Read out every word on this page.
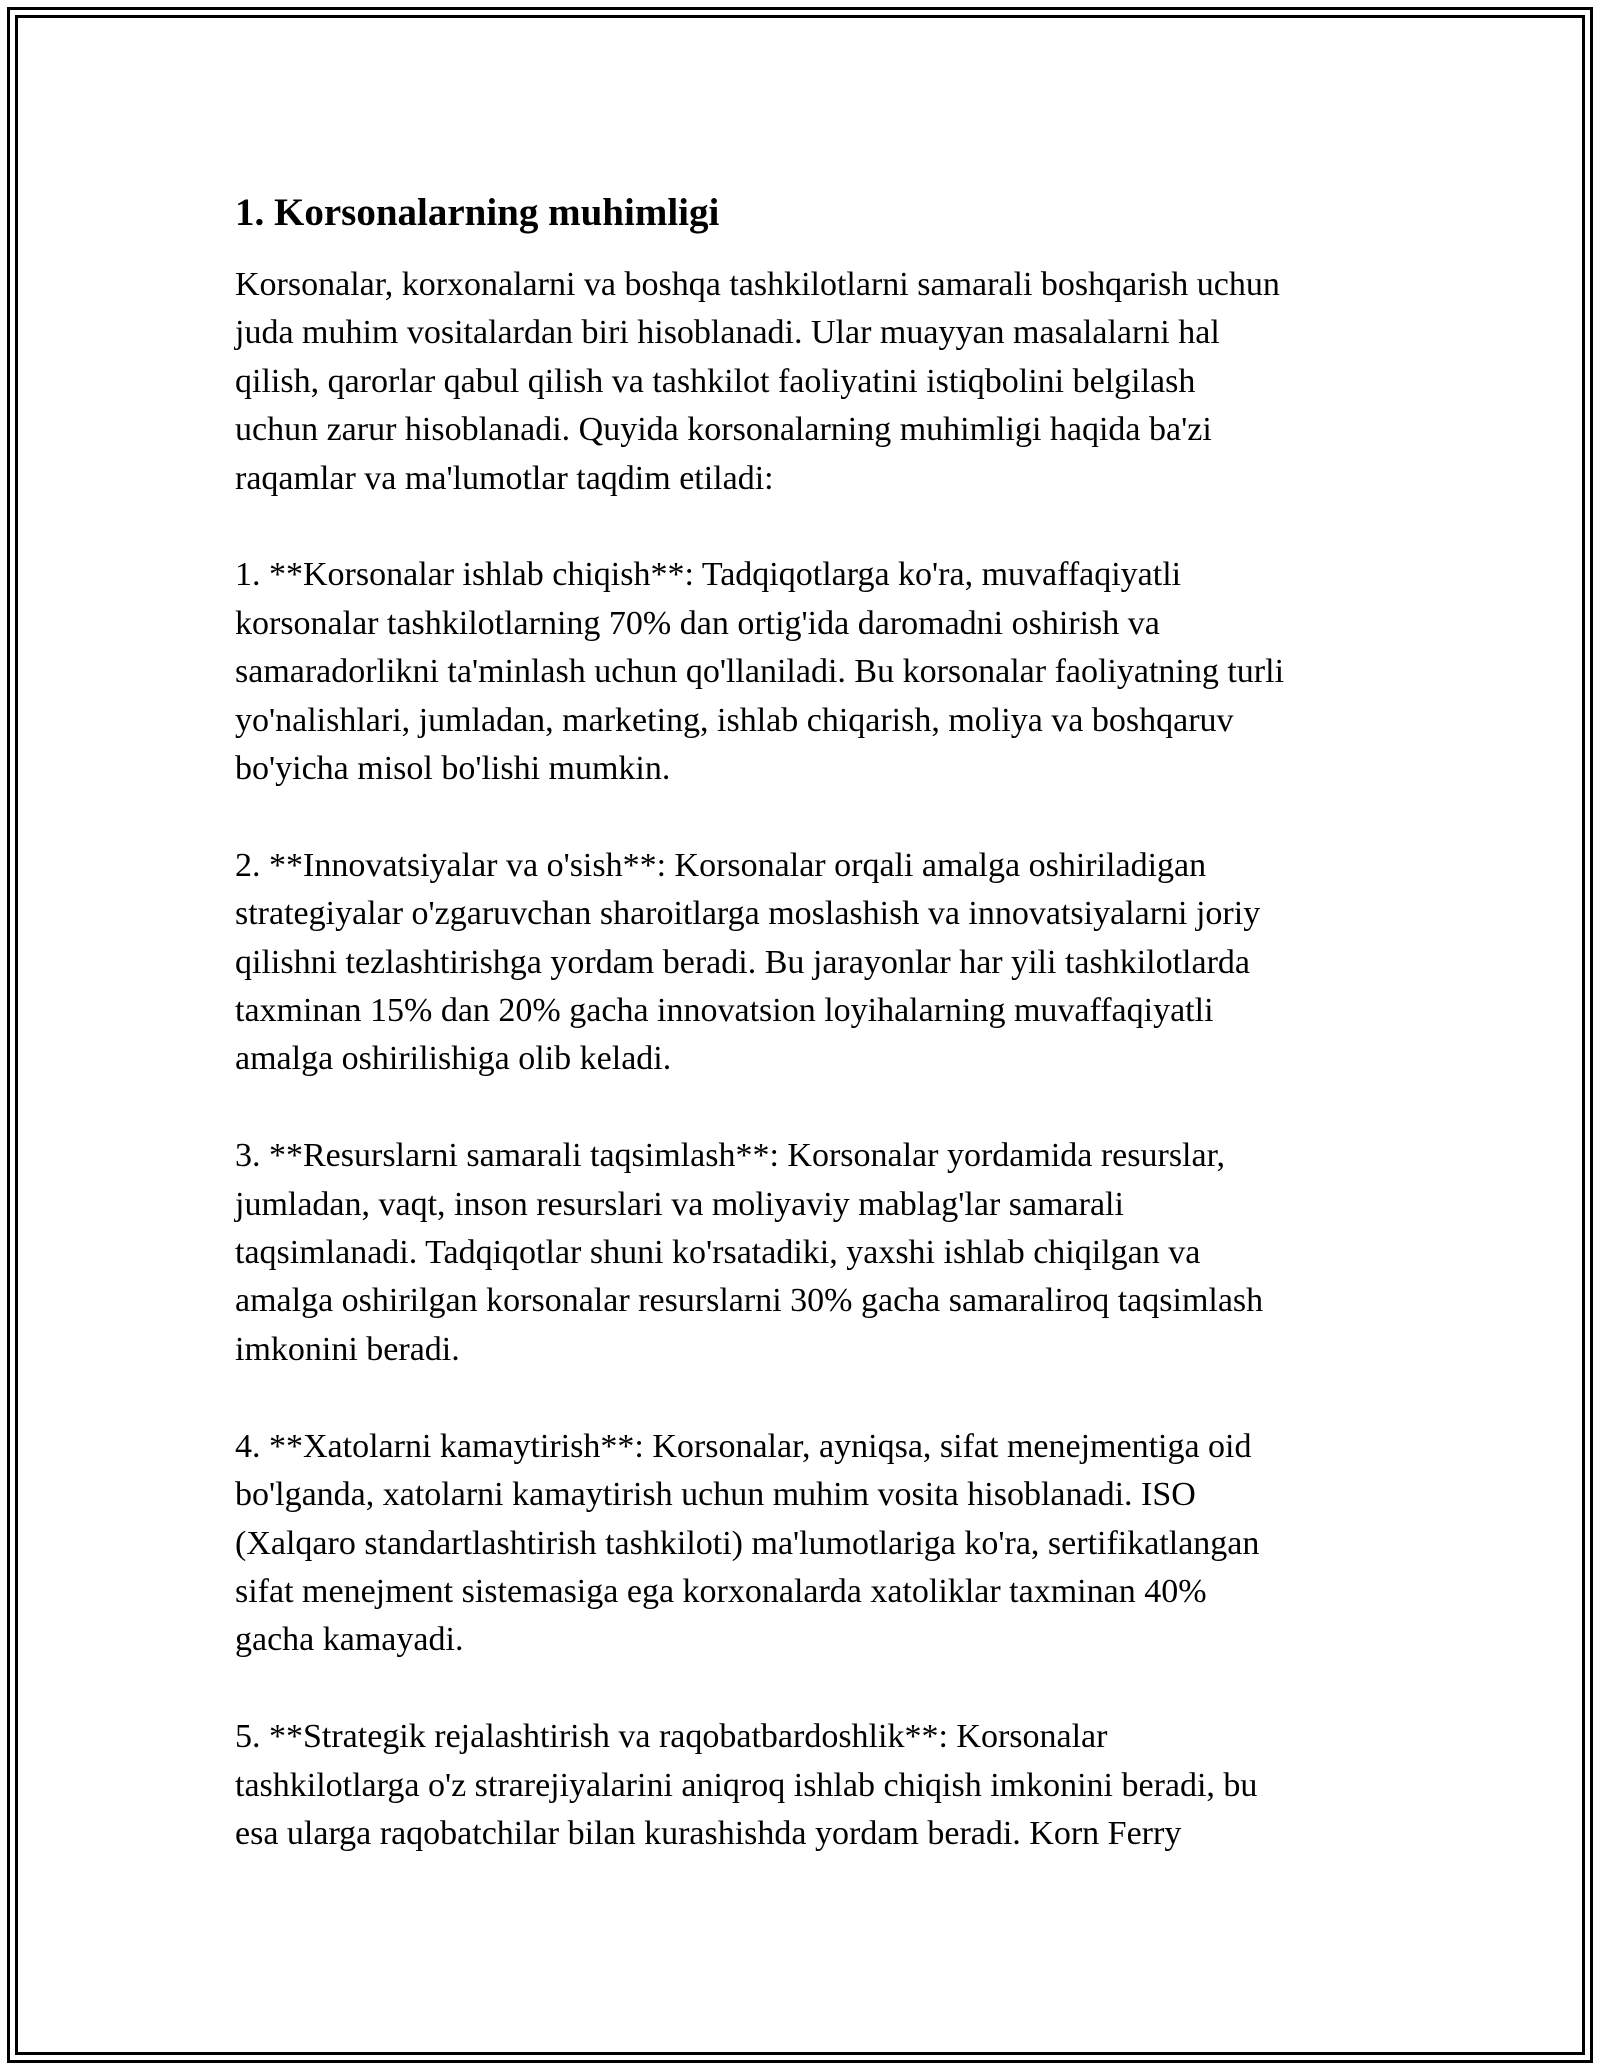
1. Korsonalarning muhimligi
Korsonalar, korxonalarni va boshqa tashkilotlarni samarali boshqarish uchun
juda muhim vositalardan biri hisoblanadi. Ular muayyan masalalarni hal
qilish, qarorlar qabul qilish va tashkilot faoliyatini istiqbolini belgilash
uchun zarur hisoblanadi. Quyida korsonalarning muhimligi haqida ba'zi
raqamlar va ma'lumotlar taqdim etiladi:
1. **Korsonalar ishlab chiqish**: Tadqiqotlarga ko'ra, muvaffaqiyatli
korsonalar tashkilotlarning 70% dan ortig'ida daromadni oshirish va
samaradorlikni ta'minlash uchun qo'llaniladi. Bu korsonalar faoliyatning turli
yo'nalishlari, jumladan, marketing, ishlab chiqarish, moliya va boshqaruv
bo'yicha misol bo'lishi mumkin.
2. **Innovatsiyalar va o'sish**: Korsonalar orqali amalga oshiriladigan
strategiyalar o'zgaruvchan sharoitlarga moslashish va innovatsiyalarni joriy
qilishni tezlashtirishga yordam beradi. Bu jarayonlar har yili tashkilotlarda
taxminan 15% dan 20% gacha innovatsion loyihalarning muvaffaqiyatli
amalga oshirilishiga olib keladi.
3. **Resurslarni samarali taqsimlash**: Korsonalar yordamida resurslar,
jumladan, vaqt, inson resurslari va moliyaviy mablag'lar samarali
taqsimlanadi. Tadqiqotlar shuni ko'rsatadiki, yaxshi ishlab chiqilgan va
amalga oshirilgan korsonalar resurslarni 30% gacha samaraliroq taqsimlash
imkonini beradi.
4. **Xatolarni kamaytirish**: Korsonalar, ayniqsa, sifat menejmentiga oid
bo'lganda, xatolarni kamaytirish uchun muhim vosita hisoblanadi. ISO
(Xalqaro standartlashtirish tashkiloti) ma'lumotlariga ko'ra, sertifikatlangan
sifat menejment sistemasiga ega korxonalarda xatoliklar taxminan 40%
gacha kamayadi.
5. **Strategik rejalashtirish va raqobatbardoshlik**: Korsonalar
tashkilotlarga o'z strarejiyalarini aniqroq ishlab chiqish imkonini beradi, bu
esa ularga raqobatchilar bilan kurashishda yordam beradi. Korn Ferry
